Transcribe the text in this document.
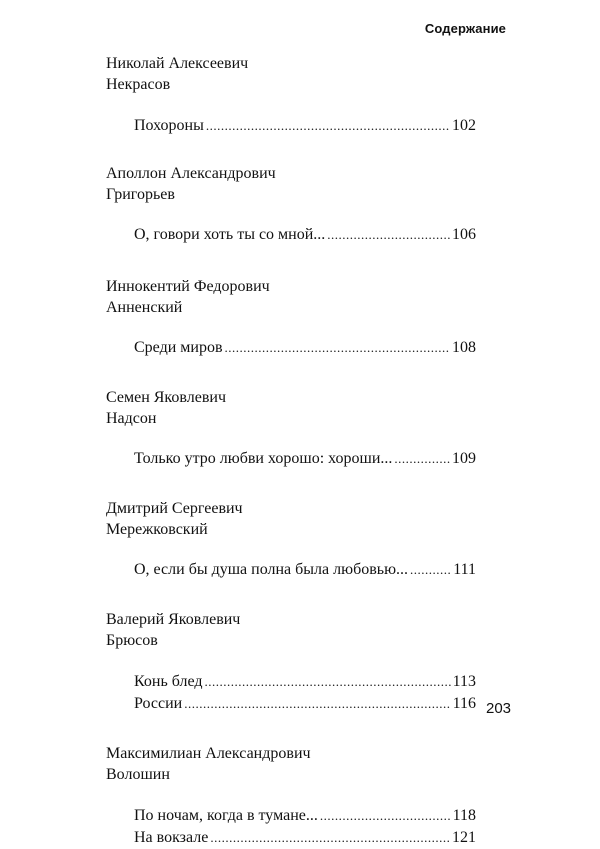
Содержание
Николай Алексеевич
Некрасов
Похороны .....	102
Аполлон Александрович
Григорьев
О, говори хоть ты со мной... .....	106
Иннокентий Федорович
Анненский
Среди миров .....	108
Семен Яковлевич
Надсон
Только утро любви хорошо: хороши... .....	109
Дмитрий Сергеевич
Мережковский
О, если бы душа полна была любовью... .....	111
Валерий Яковлевич
Брюсов
Конь блед .....	113
России .....	116
Максимилиан Александрович
Волошин
По ночам, когда в тумане... .....	118
На вокзале .....	121
203
